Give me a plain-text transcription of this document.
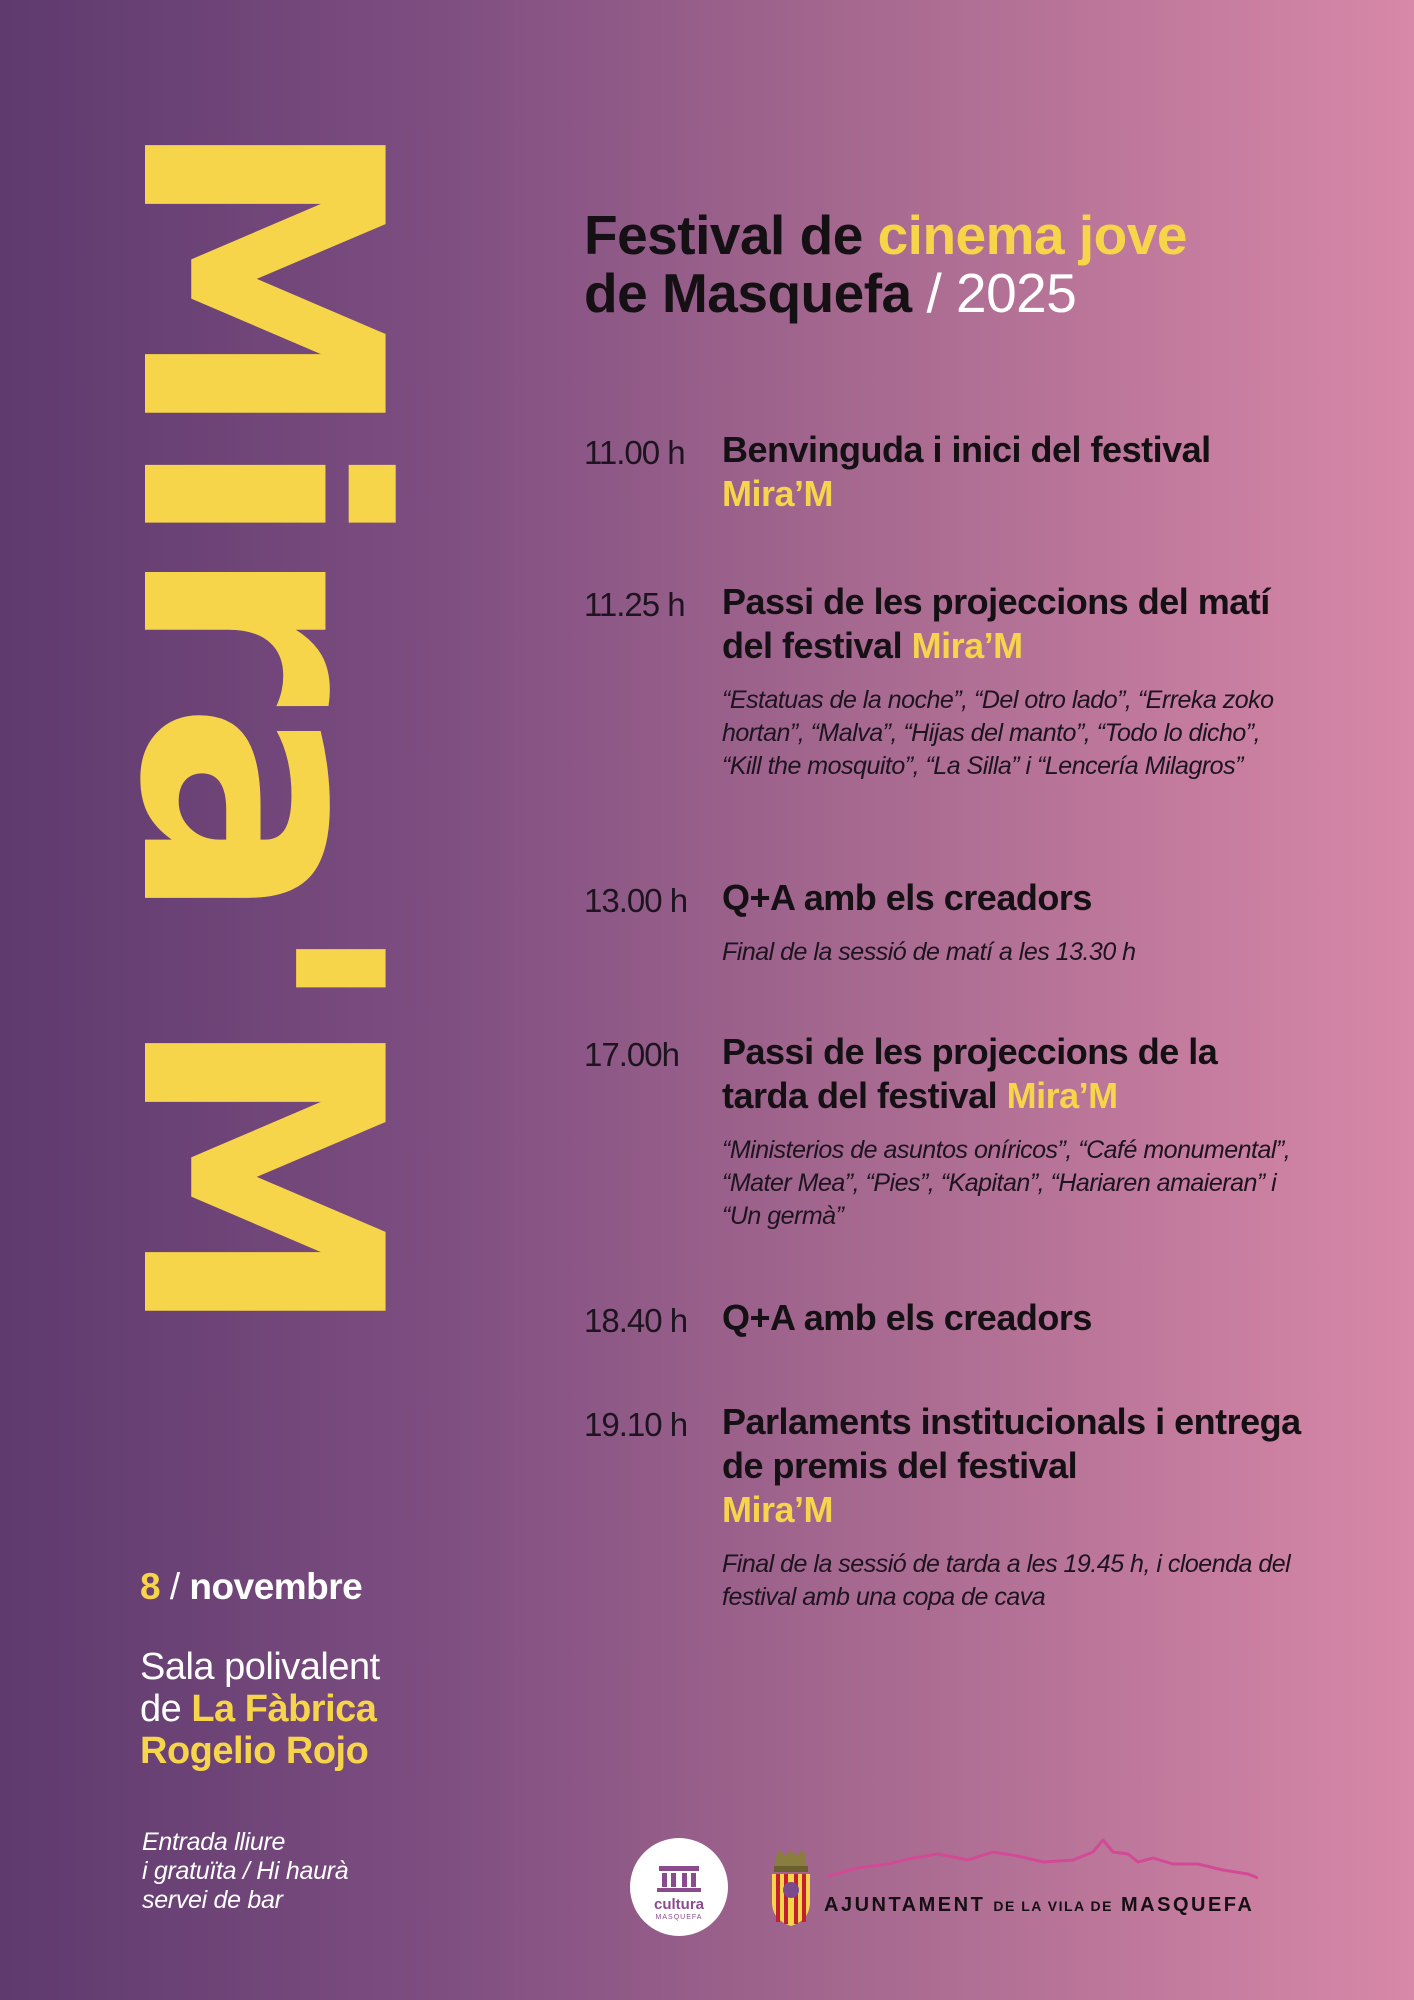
Mira'M Festival de cinema jove
de Masquefa / 2025
11.00 h	Benvinguda i inici del festival
Mira’M

11.25 h	Passi de les projeccions del matí del festival Mira’M

“Estatuas de la noche”, “Del otro lado”, “Erreka zoko hortan”, “Malva”, “Hijas del manto”, “Todo lo dicho”, “Kill the mosquito”, “La Silla” i “Lencería Milagros”
13.00 h Q+A amb els creadors

Final de la sessió de matí a les 13.30 h
17.00h	Passi de les projeccions de la tarda del festival Mira’M

“Ministerios de asuntos oníricos”, “Café monumental”, “Mater Mea”, “Pies”, “Kapitan”, “Hariaren amaieran” i “Un germà”
18.40 h Q+A amb els creadors

19.10 h Parlaments institucionals i entrega de premis del festival
Mira’M

Final de la sessió de tarda a les 19.45 h, i cloenda del festival amb una copa de cava
8 / novembre
Sala polivalent
de La Fàbrica
Rogelio Rojo
Entrada lliure
i gratuïta / Hi haurà
servei de bar	cultura
MASQUEFA
AJUNTAMENT DE LA VILA DE MASQUEFA
